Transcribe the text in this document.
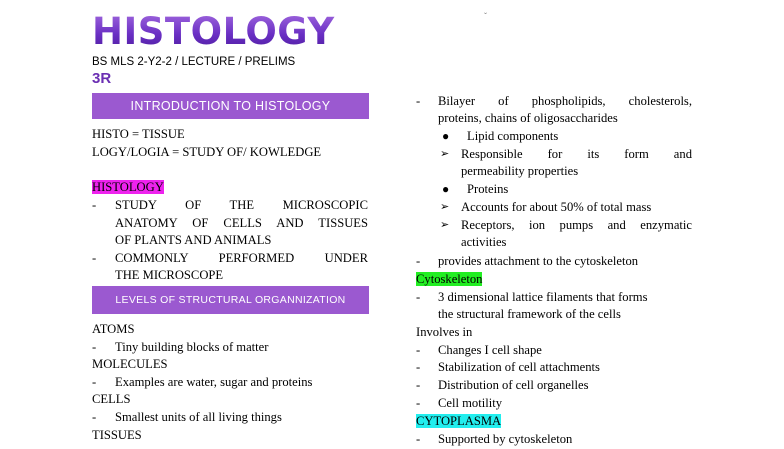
HISTOLOGY
BS MLS 2-Y2-2 / LECTURE / PRELIMS
3R
ˇ
INTRODUCTION TO HISTOLOGY
HISTO = TISSUE
LOGY/LOGIA = STUDY OF/ KOWLEDGE
HISTOLOGY
- STUDY OF THE MICROSCOPIC
ANATOMY OF CELLS AND TISSUES
OF PLANTS AND ANIMALS
- COMMONLY PERFORMED UNDER
THE MICROSCOPE
LEVELS OF STRUCTURAL ORGANNIZATION
ATOMS
- Tiny building blocks of matter
MOLECULES
- Examples are water, sugar and proteins
CELLS
- Smallest units of all living things
TISSUES
- Bilayer of phospholipids, cholesterols,
proteins, chains of oligosaccharides
● Lipid components
➢ Responsible for its form and
permeability properties
● Proteins
➢ Accounts for about 50% of total mass
➢ Receptors, ion pumps and enzymatic
activities
- provides attachment to the cytoskeleton
Cytoskeleton
- 3 dimensional lattice filaments that forms
the structural framework of the cells
Involves in
- Changes I cell shape
- Stabilization of cell attachments
- Distribution of cell organelles
- Cell motility
CYTOPLASMA
- Supported by cytoskeleton
